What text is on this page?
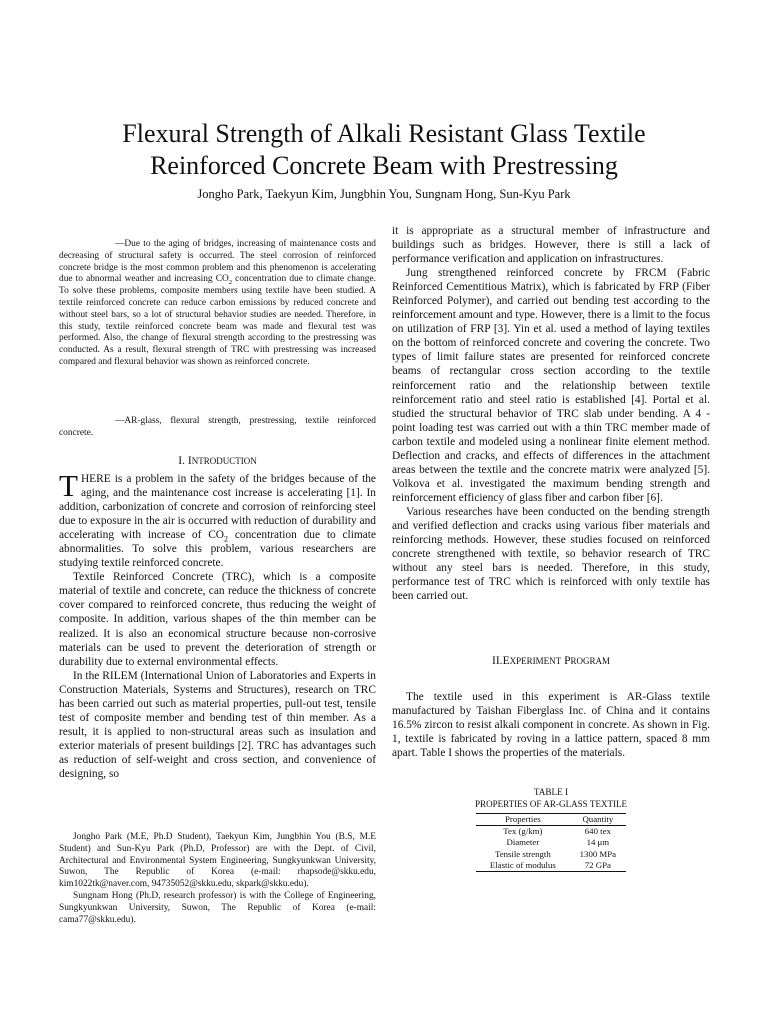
Flexural Strength of Alkali Resistant Glass Textile
Reinforced Concrete Beam with Prestressing
Jongho Park, Taekyun Kim, Jungbhin You, Sungnam Hong, Sun-Kyu Park

—Due to the aging of bridges, increasing of maintenance costs and decreasing of structural safety is occurred. The steel corrosion of reinforced concrete bridge is the most common problem and this phenomenon is accelerating due to abnormal weather and increasing $CO_2$ concentration due to climate change. To solve these problems, composite members using textile have been studied. A textile reinforced concrete can reduce carbon emissions by reduced concrete and without steel bars, so a lot of structural behavior studies are needed. Therefore, in this study, textile reinforced concrete beam was made and flexural test was performed. Also, the change of flexural strength according to the prestressing was conducted. As a result, flexural strength of TRC with prestressing was increased compared and flexural behavior was shown as reinforced concrete.

—AR-glass, flexural strength, prestressing, textile reinforced concrete.

I. INTRODUCTION

THERE is a problem in the safety of the bridges because of the aging, and the maintenance cost increase is accelerating [1]. In addition, carbonization of concrete and corrosion of reinforcing steel due to exposure in the air is occurred with reduction of durability and accelerating with increase of $CO_2$ concentration due to climate abnormalities. To solve this problem, various researchers are studying textile reinforced concrete.

Textile Reinforced Concrete (TRC), which is a composite material of textile and concrete, can reduce the thickness of concrete cover compared to reinforced concrete, thus reducing the weight of composite. In addition, various shapes of the thin member can be realized. It is also an economical structure because non-corrosive materials can be used to prevent the deterioration of strength or durability due to external environmental effects.

In the RILEM (International Union of Laboratories and Experts in Construction Materials, Systems and Structures), research on TRC has been carried out such as material properties, pull-out test, tensile test of composite member and bending test of thin member. As a result, it is applied to non-structural areas such as insulation and exterior materials of present buildings [2]. TRC has advantages such as reduction of self-weight and cross section, and convenience of designing, so

Jongho Park (M.E, Ph.D Student), Taekyun Kim, Jungbhin You (B.S, M.E Student) and Sun-Kyu Park (Ph.D, Professor) are with the Dept. of Civil, Architectural and Environmental System Engineering, Sungkyunkwan University, Suwon, The Republic of Korea (e-mail: rhapsode@skku.edu, kim1022tk@naver.com, 94735052@skku.edu, skpark@skku.edu).

Sungnam Hong (Ph.D, research professor) is with the College of Engineering, Sungkyunkwan University, Suwon, The Republic of Korea (e-mail: cama77@skku.edu).

it is appropriate as a structural member of infrastructure and buildings such as bridges. However, there is still a lack of performance verification and application on infrastructures.

Jung strengthened reinforced concrete by FRCM (Fabric Reinforced Cementitious Matrix), which is fabricated by FRP (Fiber Reinforced Polymer), and carried out bending test according to the reinforcement amount and type. However, there is a limit to the focus on utilization of FRP [3]. Yin et al. used a method of laying textiles on the bottom of reinforced concrete and covering the concrete. Two types of limit failure states are presented for reinforced concrete beams of rectangular cross section according to the textile reinforcement ratio and the relationship between textile reinforcement ratio and steel ratio is established [4]. Portal et al. studied the structural behavior of TRC slab under bending. A 4 - point loading test was carried out with a thin TRC member made of carbon textile and modeled using a nonlinear finite element method. Deflection and cracks, and effects of differences in the attachment areas between the textile and the concrete matrix were analyzed [5]. Volkova et al. investigated the maximum bending strength and reinforcement efficiency of glass fiber and carbon fiber [6].

Various researches have been conducted on the bending strength and verified deflection and cracks using various fiber materials and reinforcing methods. However, these studies focused on reinforced concrete strengthened with textile, so behavior research of TRC without any steel bars is needed. Therefore, in this study, performance test of TRC which is reinforced with only textile has been carried out.

II.EXPERIMENT PROGRAM

The textile used in this experiment is AR-Glass textile manufactured by Taishan Fiberglass Inc. of China and it contains 16.5% zircon to resist alkali component in concrete. As shown in Fig. 1, textile is fabricated by roving in a lattice pattern, spaced 8 mm apart. Table I shows the properties of the materials.

TABLE I
PROPERTIES OF AR-GLASS TEXTILE
Properties	Quantity
Tex (g/km)	640 tex
Diameter	14 μm
Tensile strength	1300 MPa
Elastic of modulus	72 GPa
